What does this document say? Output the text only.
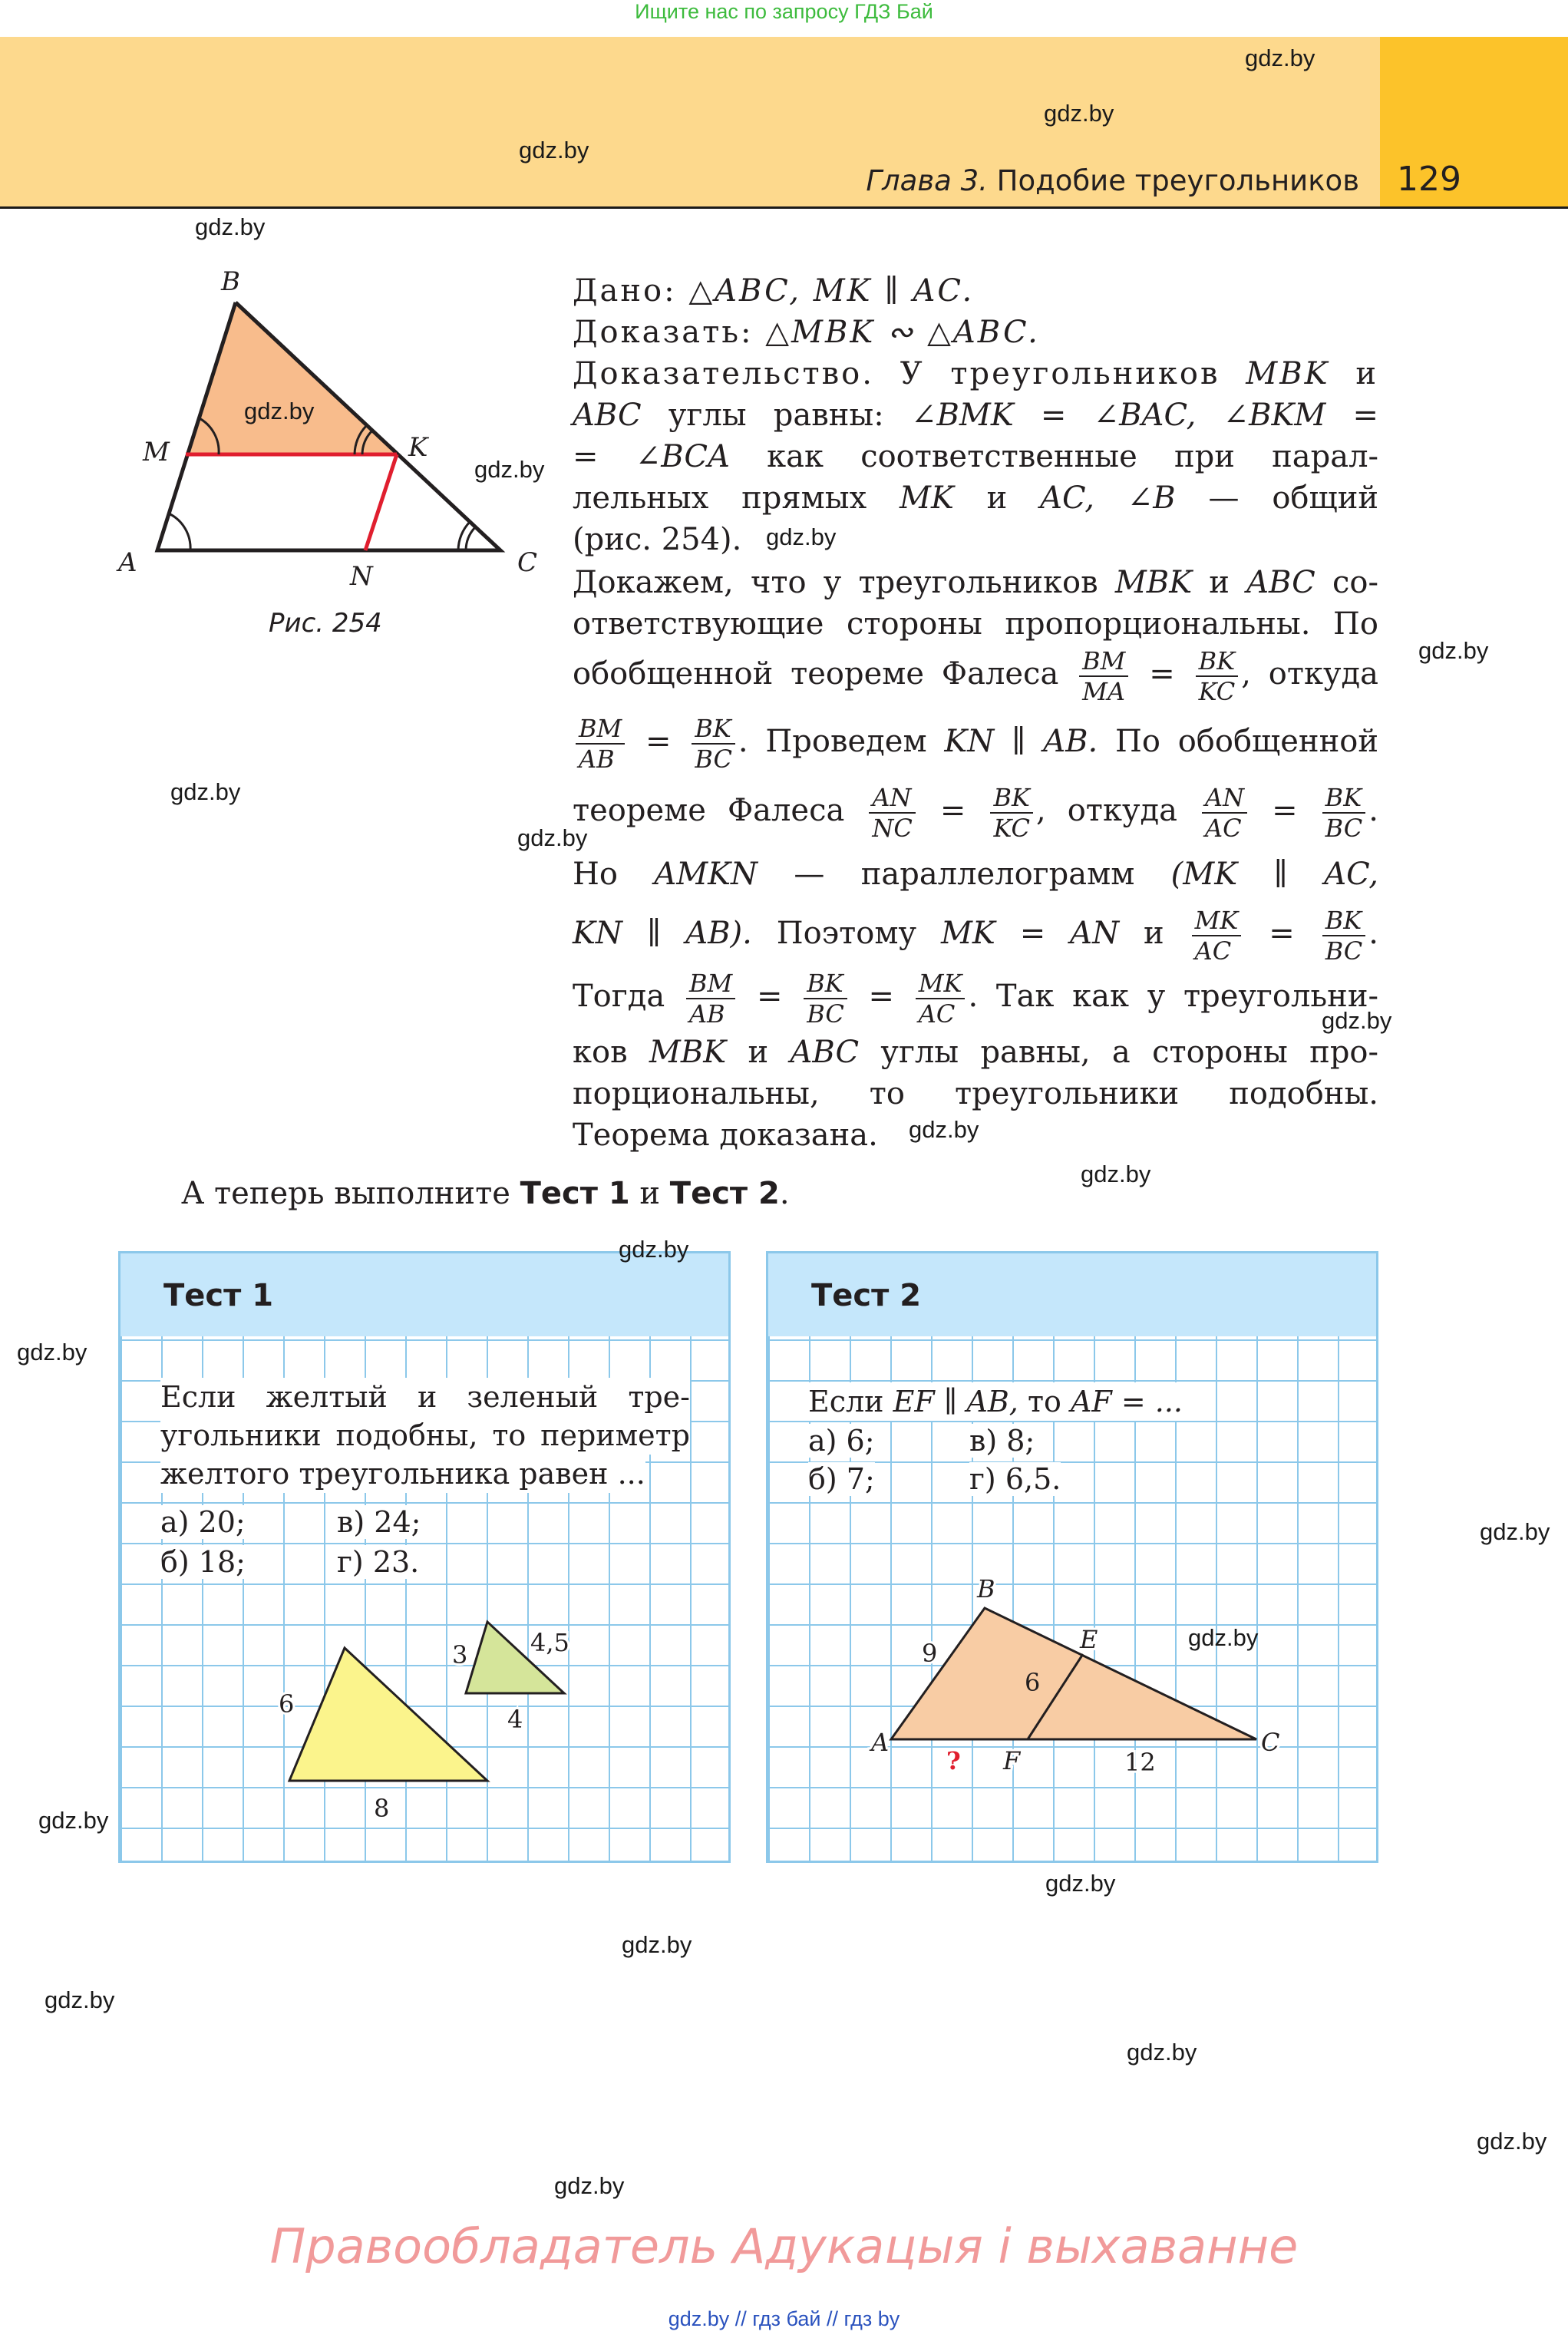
Ищите нас по запросу ГДЗ Бай
Глава 3. Подобие треугольников 129
B
M	K
A	N	C
Рис. 254
Дано: △ABC, MK ∥ AC.
Доказать: △MBK ∾ △ABC.
Доказательство. У треугольников MBK и
ABC углы равны: ∠BMK = ∠BAC, ∠BKM =
= ∠BCA как соответственные при парал-
лельных прямых MK и AC, ∠B — общий
(рис. 254).
Докажем, что у треугольников MBK и ABC со-
ответствующие стороны пропорциональны. По
обобщенной теореме Фалеса $\frac{BM}{MA} = \frac{BK}{KC}$ , откуда
$\frac{BM}{AB} = \frac{BK}{BC}$ . Проведем KN ∥ AB. По обобщенной
теореме Фалеса $\frac{AN}{NC} = \frac{BK}{KC}$ , откуда $\frac{AN}{AC} = \frac{BK}{BC}$ .
Но AMKN — параллелограмм (MK ∥ AC,
KN ∥ AB). Поэтому MK = AN и $\frac{MK}{AC} = \frac{BK}{BC}$ .
Тогда $\frac{BM}{AB} = \frac{BK}{BC} = \frac{MK}{AC}$ . Так как у треугольни-
ков MBK и ABC углы равны, а стороны про-
порциональны, то треугольники подобны.
Теорема доказана.
А теперь выполните Тест 1 и Тест 2.
Тест 1
Если желтый и зеленый тре-
угольники подобны, то периметр
желтого треугольника равен ...
а) 20;	в) 24;
б) 18;	г) 23.
6
8
3	4,5
4
Тест 2
Если EF ∥ AB, то AF = ...
а) 6;	в) 8;
б) 7;	г) 6,5.
B
E
A
F
C
?
9
6
12
gdz.by
gdz.by
gdz.by
gdz.by
gdz.by
gdz.by
gdz.by
gdz.by
gdz.by
gdz.by
gdz.by
gdz.by
gdz.by
gdz.by
gdz.by
gdz.by
gdz.by
gdz.by
gdz.by
gdz.by
gdz.by
gdz.by
gdz.by
gdz.by
Правообладатель Адукацыя і выхаванне
gdz.by // гдз бай // гдз by
